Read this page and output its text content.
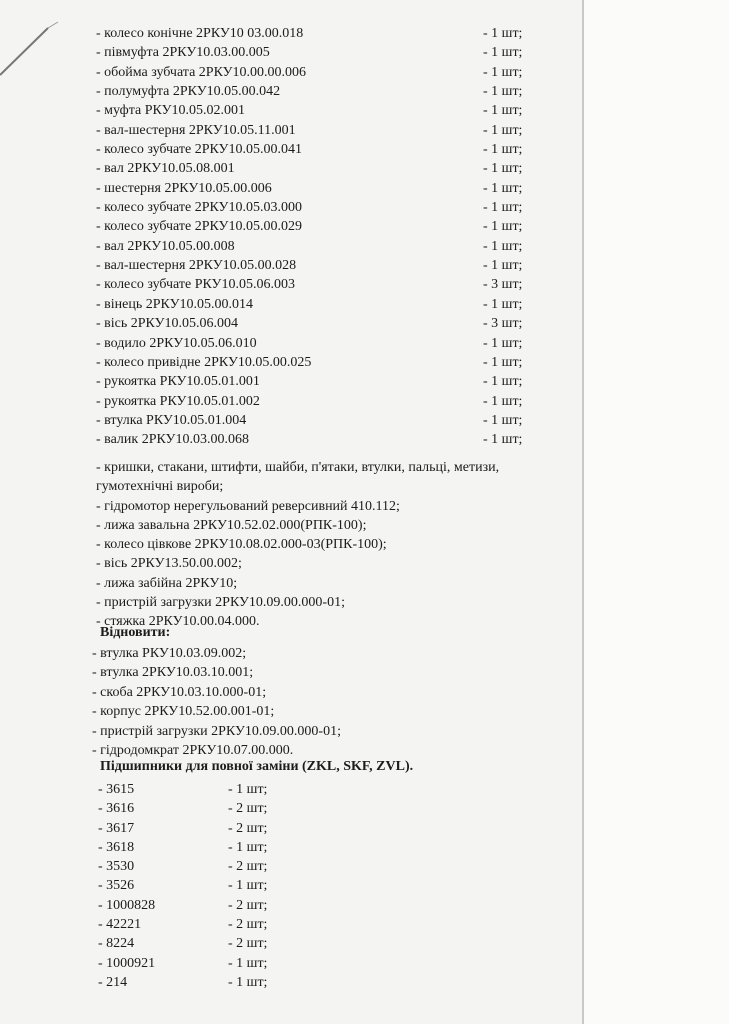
- колесо конічне 2РКУ10 03.00.018	- 1 шт;
- півмуфта 2РКУ10.03.00.005	- 1 шт;
- обойма зубчата 2РКУ10.00.00.006	- 1 шт;
- полумуфта 2РКУ10.05.00.042	- 1 шт;
- муфта РКУ10.05.02.001	- 1 шт;
- вал-шестерня 2РКУ10.05.11.001	- 1 шт;
- колесо зубчате 2РКУ10.05.00.041	- 1 шт;
- вал 2РКУ10.05.08.001	- 1 шт;
- шестерня 2РКУ10.05.00.006	- 1 шт;
- колесо зубчате 2РКУ10.05.03.000	- 1 шт;
- колесо зубчате 2РКУ10.05.00.029	- 1 шт;
- вал 2РКУ10.05.00.008	- 1 шт;
- вал-шестерня 2РКУ10.05.00.028	- 1 шт;
- колесо зубчате РКУ10.05.06.003	- 3 шт;
- вінець 2РКУ10.05.00.014	- 1 шт;
- вісь 2РКУ10.05.06.004	- 3 шт;
- водило 2РКУ10.05.06.010	- 1 шт;
- колесо привідне 2РКУ10.05.00.025	- 1 шт;
- рукоятка РКУ10.05.01.001	- 1 шт;
- рукоятка РКУ10.05.01.002	- 1 шт;
- втулка РКУ10.05.01.004	- 1 шт;
- валик 2РКУ10.03.00.068	- 1 шт;
- кришки, стакани, штифти, шайби, п'ятаки, втулки, пальці, метизи, гумотехнічні вироби;
- гідромотор нерегульований реверсивний 410.112;
- лижа завальна 2РКУ10.52.02.000(РПК-100);
- колесо цівкове 2РКУ10.08.02.000-03(РПК-100);
- вісь 2РКУ13.50.00.002;
- лижа забійна 2РКУ10;
- пристрій загрузки 2РКУ10.09.00.000-01;
- стяжка 2РКУ10.00.04.000.
Відновити:
- втулка РКУ10.03.09.002;
- втулка 2РКУ10.03.10.001;
- скоба 2РКУ10.03.10.000-01;
- корпус 2РКУ10.52.00.001-01;
- пристрій загрузки 2РКУ10.09.00.000-01;
- гідродомкрат 2РКУ10.07.00.000.
Підшипники для повної заміни (ZKL, SKF, ZVL).
- 3615	- 1 шт;
- 3616	- 2 шт;
- 3617	- 2 шт;
- 3618	- 1 шт;
- 3530	- 2 шт;
- 3526	- 1 шт;
- 1000828	- 2 шт;
- 42221	- 2 шт;
- 8224	- 2 шт;
- 1000921	- 1 шт;
- 214	- 1 шт;
